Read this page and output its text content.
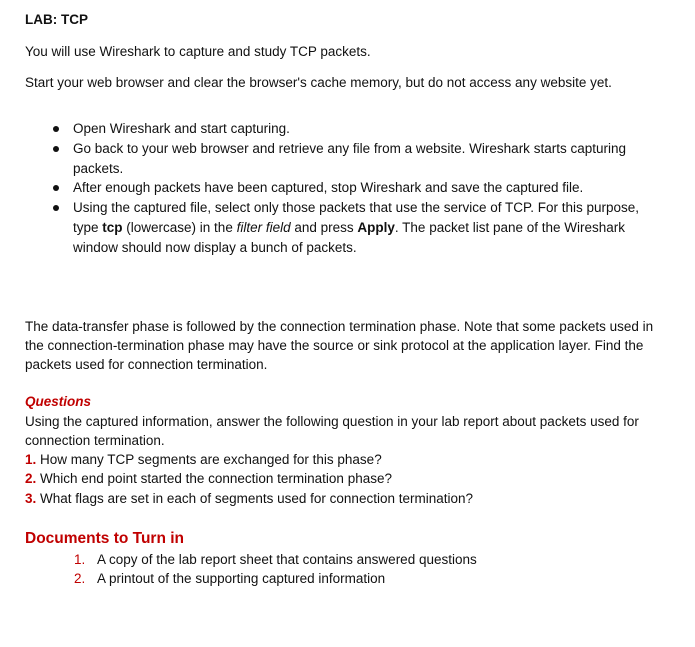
LAB: TCP

You will use Wireshark to capture and study TCP packets.

Start your web browser and clear the browser's cache memory, but do not access any website yet.

Open Wireshark and start capturing.
Go back to your web browser and retrieve any file from a website. Wireshark starts capturing packets.
After enough packets have been captured, stop Wireshark and save the captured file.
Using the captured file, select only those packets that use the service of TCP. For this purpose, type tcp (lowercase) in the filter field and press Apply. The packet list pane of the Wireshark window should now display a bunch of packets.

The data-transfer phase is followed by the connection termination phase. Note that some packets used in the connection-termination phase may have the source or sink protocol at the application layer. Find the packets used for connection termination.

Questions

Using the captured information, answer the following question in your lab report about packets used for connection termination.

1. How many TCP segments are exchanged for this phase?
2. Which end point started the connection termination phase?
3. What flags are set in each of segments used for connection termination?
Documents to Turn in
1. A copy of the lab report sheet that contains answered questions
2. A printout of the supporting captured information
